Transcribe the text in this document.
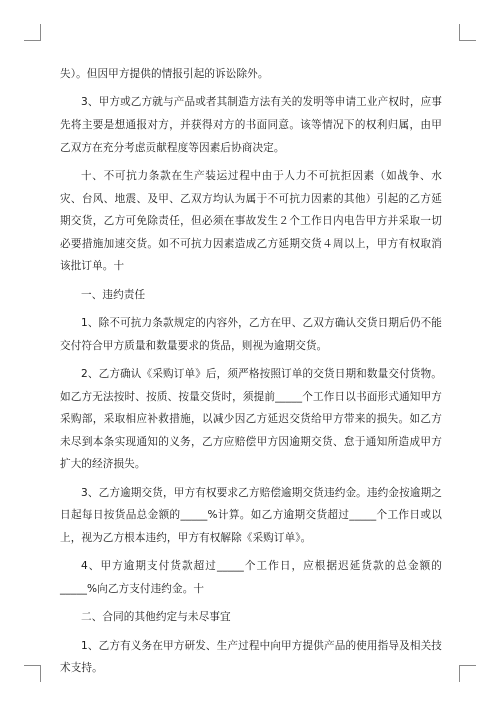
失）。但因甲方提供的情报引起的诉讼除外。

3、甲方或乙方就与产品或者其制造方法有关的发明等申请工业产权时，应事先将主要是想通报对方，并获得对方的书面同意。该等情况下的权利归属，由甲乙双方在充分考虑贡献程度等因素后协商决定。

十、不可抗力条款在生产装运过程中由于人力不可抗拒因素（如战争、水灾、台风、地震、及甲、乙双方均认为属于不可抗力因素的其他）引起的乙方延期交货，乙方可免除责任，但必须在事故发生２个工作日内电告甲方并采取一切必要措施加速交货。如不可抗力因素造成乙方延期交货４周以上，甲方有权取消该批订单。十

一、违约责任

1、除不可抗力条款规定的内容外，乙方在甲、乙双方确认交货日期后仍不能交付符合甲方质量和数量要求的货品，则视为逾期交货。

2、乙方确认《采购订单》后，须严格按照订单的交货日期和数量交付货物。如乙方无法按时、按质、按量交货时，须提前_____个工作日以书面形式通知甲方采购部，采取相应补救措施，以减少因乙方延迟交货给甲方带来的损失。如乙方未尽到本条实现通知的义务，乙方应赔偿甲方因逾期交货、怠于通知所造成甲方扩大的经济损失。

3、乙方逾期交货，甲方有权要求乙方赔偿逾期交货违约金。违约金按逾期之日起每日按货品总金额的_____%计算。如乙方逾期交货超过_____个工作日或以上，视为乙方根本违约，甲方有权解除《采购订单》。

4、甲方逾期支付货款超过_____个工作日，应根据迟延货款的总金额的_____%向乙方支付违约金。十

二、合同的其他约定与未尽事宜

1、乙方有义务在甲方研发、生产过程中向甲方提供产品的使用指导及相关技术支持。
